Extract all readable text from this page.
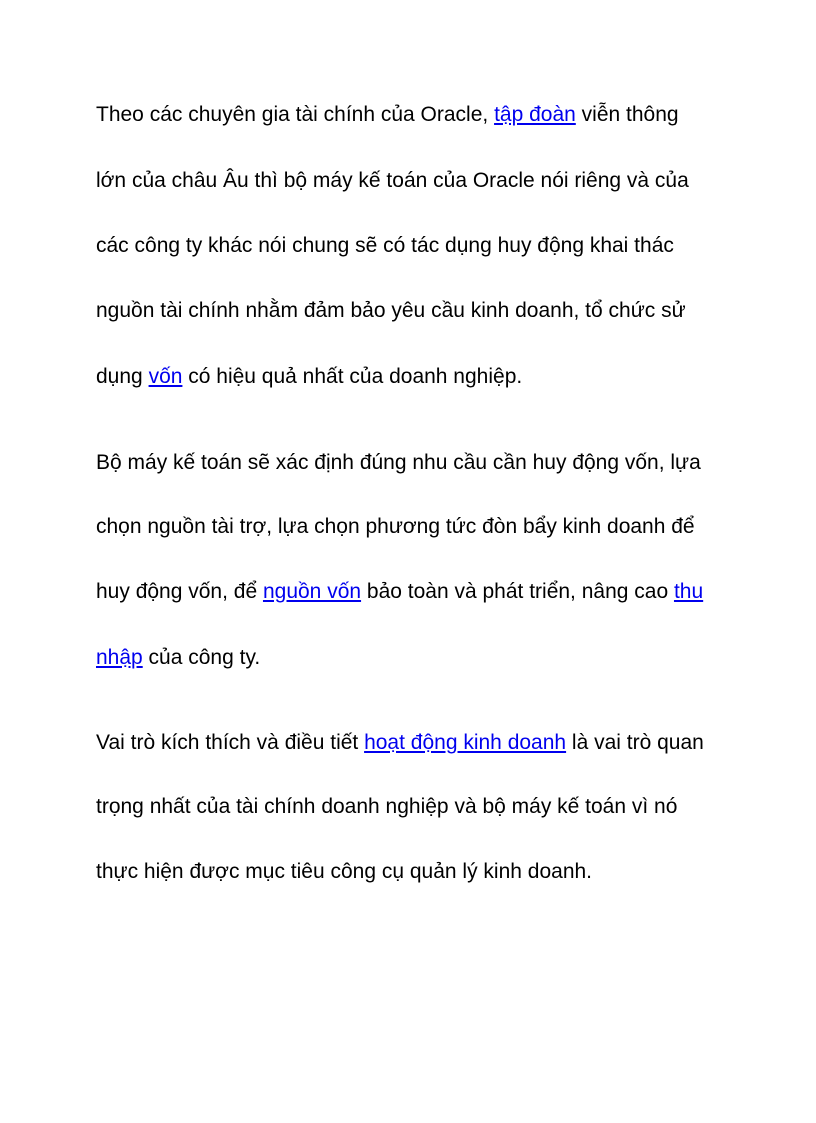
Theo các chuyên gia tài chính của Oracle, tập đoàn viễn thông
lớn của châu Âu thì bộ máy kế toán của Oracle nói riêng và của
các công ty khác nói chung sẽ có tác dụng huy động khai thác
nguồn tài chính nhằm đảm bảo yêu cầu kinh doanh, tổ chức sử
dụng vốn có hiệu quả nhất của doanh nghiệp.
Bộ máy kế toán sẽ xác định đúng nhu cầu cần huy động vốn, lựa
chọn nguồn tài trợ, lựa chọn phương tức đòn bẩy kinh doanh để
huy động vốn, để nguồn vốn bảo toàn và phát triển, nâng cao thu
nhập của công ty.
Vai trò kích thích và điều tiết hoạt động kinh doanh là vai trò quan
trọng nhất của tài chính doanh nghiệp và bộ máy kế toán vì nó
thực hiện được mục tiêu công cụ quản lý kinh doanh.
